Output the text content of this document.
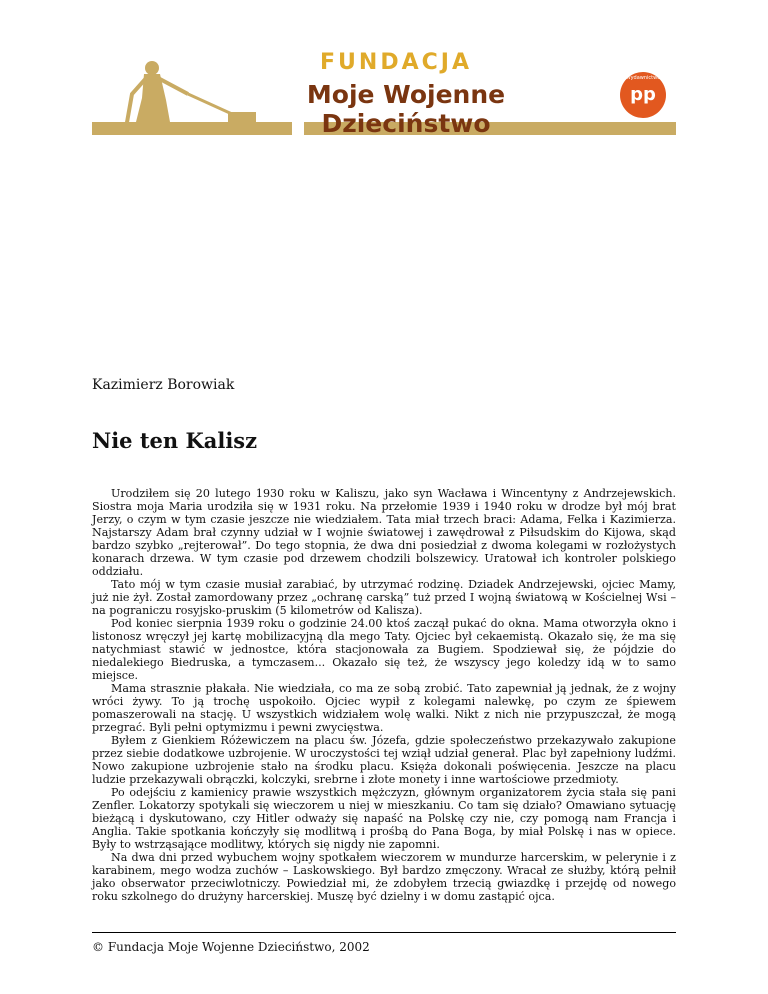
FUNDACJA
Moje Wojenne Dzieciństwo
Wydawnictwo
pp
Kazimierz Borowiak
Nie ten Kalisz

Urodziłem się 20 lutego 1930 roku w Kaliszu, jako syn Wacława i Wincentyny z Andrzejewskich. Siostra moja Maria urodziła się w 1931 roku. Na przełomie 1939 i 1940 roku w drodze był mój brat Jerzy, o czym w tym czasie jeszcze nie wiedziałem. Tata miał trzech braci: Adama, Felka i Kazimierza. Najstarszy Adam brał czynny udział w I wojnie światowej i zawędrował z Piłsudskim do Kijowa, skąd bardzo szybko „rejterował”. Do tego stopnia, że dwa dni posiedział z dwoma kolegami w rozłożystych konarach drzewa. W tym czasie pod drzewem chodzili bolszewicy. Uratował ich kontroler polskiego oddziału.

Tato mój w tym czasie musiał zarabiać, by utrzymać rodzinę. Dziadek Andrzejewski, ojciec Mamy, już nie żył. Został zamordowany przez „ochranę carską” tuż przed I wojną światową w Kościelnej Wsi – na pograniczu rosyjsko-pruskim (5 kilometrów od Kalisza).

Pod koniec sierpnia 1939 roku o godzinie 24.00 ktoś zaczął pukać do okna. Mama otworzyła okno i listonosz wręczył jej kartę mobilizacyjną dla mego Taty. Ojciec był cekaemistą. Okazało się, że ma się natychmiast stawić w jednostce, która stacjonowała za Bugiem. Spodziewał się, że pójdzie do niedalekiego Biedruska, a tymczasem... Okazało się też, że wszyscy jego koledzy idą w to samo miejsce.

Mama strasznie płakała. Nie wiedziała, co ma ze sobą zrobić. Tato zapewniał ją jednak, że z wojny wróci żywy. To ją trochę uspokoiło. Ojciec wypił z kolegami nalewkę, po czym ze śpiewem pomaszerowali na stację. U wszystkich widziałem wolę walki. Nikt z nich nie przypuszczał, że mogą przegrać. Byli pełni optymizmu i pewni zwycięstwa.

Byłem z Gienkiem Różewiczem na placu św. Józefa, gdzie społeczeństwo przekazywało zakupione przez siebie dodatkowe uzbrojenie. W uroczystości tej wziął udział generał. Plac był zapełniony ludźmi. Nowo zakupione uzbrojenie stało na środku placu. Księża dokonali poświęcenia. Jeszcze na placu ludzie przekazywali obrączki, kolczyki, srebrne i złote monety i inne wartościowe przedmioty.

Po odejściu z kamienicy prawie wszystkich mężczyzn, głównym organizatorem życia stała się pani Zenfler. Lokatorzy spotykali się wieczorem u niej w mieszkaniu. Co tam się działo? Omawiano sytuację bieżącą i dyskutowano, czy Hitler odważy się napaść na Polskę czy nie, czy pomogą nam Francja i Anglia. Takie spotkania kończyły się modlitwą i prośbą do Pana Boga, by miał Polskę i nas w opiece. Były to wstrząsające modlitwy, których się nigdy nie zapomni.

Na dwa dni przed wybuchem wojny spotkałem wieczorem w mundurze harcerskim, w pelerynie i z karabinem, mego wodza zuchów – Laskowskiego. Był bardzo zmęczony. Wracał ze służby, którą pełnił jako obserwator przeciwlotniczy. Powiedział mi, że zdobyłem trzecią gwiazdkę i przejdę od nowego roku szkolnego do drużyny harcerskiej. Muszę być dzielny i w domu zastąpić ojca.

© Fundacja Moje Wojenne Dzieciństwo, 2002
